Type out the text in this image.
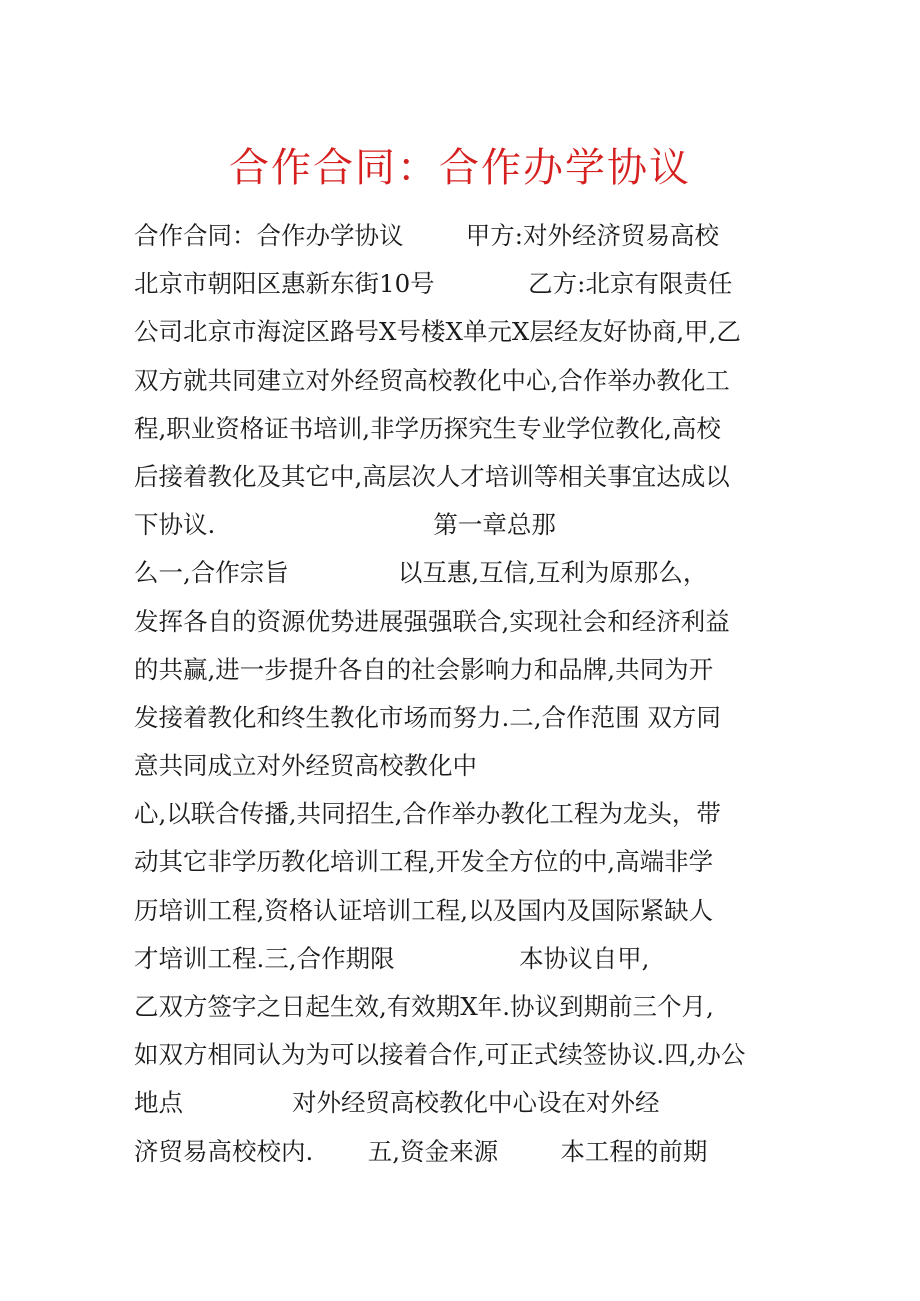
合作合同：合作办学协议
合作合同：合作办学协议        甲方:对外经济贸易高校
北京市朝阳区惠新东街10号            乙方:北京有限责任
公司北京市海淀区路号X号楼X单元X层经友好协商,甲,乙
双方就共同建立对外经贸高校教化中心,合作举办教化工
程,职业资格证书培训,非学历探究生专业学位教化,高校
后接着教化及其它中,高层次人才培训等相关事宜达成以
下协议.                            第一章总那
么一,合作宗旨              以互惠,互信,互利为原那么，
发挥各自的资源优势进展强强联合,实现社会和经济利益
的共赢,进一步提升各自的社会影响力和品牌,共同为开
发接着教化和终生教化市场而努力.二,合作范围 双方同
意共同成立对外经贸高校教化中
心,以联合传播,共同招生,合作举办教化工程为龙头，带
动其它非学历教化培训工程,开发全方位的中,高端非学
历培训工程,资格认证培训工程,以及国内及国际紧缺人
才培训工程.三,合作期限                本协议自甲,
乙双方签字之日起生效,有效期X年.协议到期前三个月,
如双方相同认为为可以接着合作,可正式续签协议.四,办公
地点              对外经贸高校教化中心设在对外经
济贸易高校校内.       五,资金来源        本工程的前期
